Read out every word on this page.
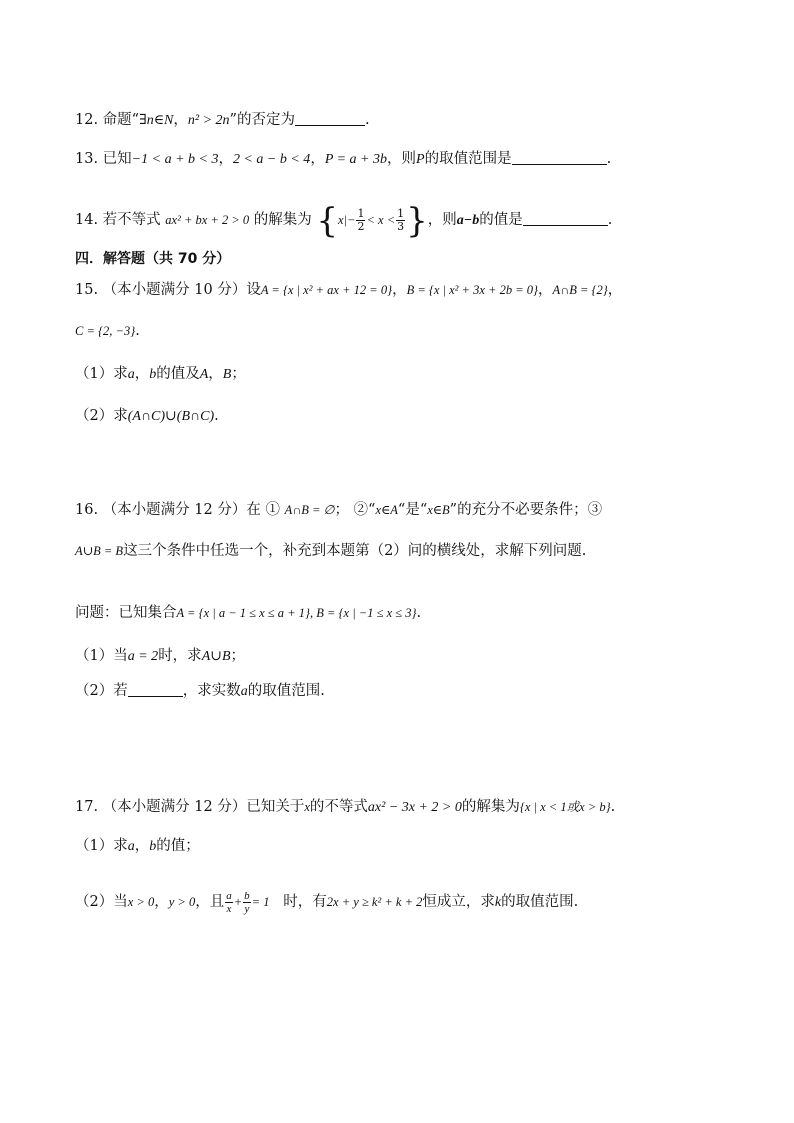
12. 命题“∃n∈N，n² > 2n”的否定为	.
13. 已知−1 < a + b < 3，2 < a − b < 4，P = a + 3b，则P的取值范围是	.
14. 若不等式 ax² + bx + 2 > 0 的解集为 {$x|- \frac{1}{2} < x < \frac{1}{3}$ }，则a−b的值是	.
四．解答题（共 70 分）
15. （本小题满分 10 分）设A = {x | x² + ax + 12 = 0}，B = {x | x² + 3x + 2b = 0}，A∩B = {2}，
C = {2, −3}.
（1）求a，b的值及A，B；
（2）求(A∩C)∪(B∩C).
16. （本小题满分 12 分）在 ① A∩B = ∅； ②“x∈A“是“x∈B”的充分不必要条件；③
A∪B = B这三个条件中任选一个，补充到本题第（2）问的横线处，求解下列问题.
问题：已知集合A = {x | a − 1 ≤ x ≤ a + 1}, B = {x | −1 ≤ x ≤ 3}.
（1）当a = 2时，求A∪B；
（2）若	，求实数a的取值范围.
17. （本小题满分 12 分）已知关于x的不等式ax² − 3x + 2 > 0的解集为{x | x < 1或x > b}.
（1）求a，b的值；
（2）当x > 0，y > 0，且 $\frac{a}{x} + \frac{b}{y} = 1$ 时，有2x + y ≥ k² + k + 2恒成立，求k的取值范围.
